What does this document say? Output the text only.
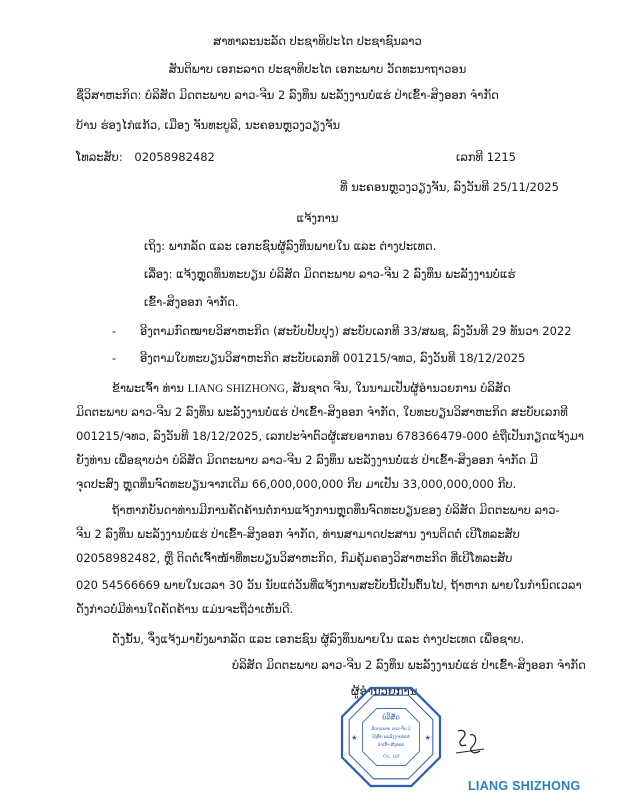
ສາທາລະນະລັດ ປະຊາທິປະໄຕ ປະຊາຊົນລາວ
ສັນຕິພາບ ເອກະລາດ ປະຊາທິປະໄຕ ເອກະພາບ ວັດທະນາຖາວອນ
ຊື່ວິສາຫະກິດ: ບໍລິສັດ ມິດຕະພາບ ລາວ-ຈີນ 2 ລົງທຶນ ພະລັງງານບໍ່ແຮ່ ປ່າເຂົ້າ-ສິງອອກ ຈຳກັດ
ບ້ານ ຮ່ອງໄກ່ແກ້ວ, ເມືອງ ຈັນທະບູລີ, ນະຄອນຫຼວງວຽງຈັນ
ໂທລະສັບ: 02058982482	ເລກທີ 1215
ທີ່ ນະຄອນຫຼວງວຽງຈັນ, ລົງວັນທີ 25/11/2025
ແຈ້ງການ
ເຖິງ: ພາກລັດ ແລະ ເອກະຊົນຜູ້ລົງທຶນພາຍໃນ ແລະ ຕ່າງປະເທດ.
ເລື່ອງ: ແຈ້ງຫຼຸດທຶນທະບຽນ ບໍລິສັດ ມິດຕະພາບ ລາວ-ຈີນ 2 ລົງທຶນ ພະລັງງານບໍ່ແຮ່
ເຂົ້າ-ສິງອອກ ຈຳກັດ.
- ອີງຕາມກົດໝາຍວິສາຫະກິດ (ສະບັບປັບປຸງ) ສະບັບເລກທີ 33/ສພຊ, ລົງວັນທີ 29 ທັນວາ 2022
- ອີງຕາມໃບທະບຽນວິສາຫະກິດ ສະບັບເລກທີ 001215/ຈທວ, ລົງວັນທີ 18/12/2025
ຂ້າພະເຈົ້າ ທ່ານ LIANG SHIZHONG, ສັນຊາດ ຈີນ, ໃນນາມເປັນຜູ້ອຳນວຍການ ບໍລິສັດ
ມິດຕະພາບ ລາວ-ຈີນ 2 ລົງທຶນ ພະລັງງານບໍ່ແຮ່ ປ່າເຂົ້າ-ສິງອອກ ຈຳກັດ, ໃບທະບຽນວິສາຫະກິດ ສະບັບເລກທີ
001215/ຈທວ, ລົງວັນທີ 18/12/2025, ເລກປະຈຳຕົວຜູ້ເສຍອາກອນ 678366479-000 ຂໍຖືເປັນກຽດແຈ້ງມາ
ຍັງທ່ານ ເພື່ອຊາບວ່າ ບໍລິສັດ ມິດຕະພາບ ລາວ-ຈີນ 2 ລົງທຶນ ພະລັງງານບໍ່ແຮ່ ປ່າເຂົ້າ-ສິງອອກ ຈຳກັດ ມີ
ຈຸດປະສົງ ຫຼຸດທຶນຈົດທະບຽນຈາກເດີມ 66,000,000,000 ກີບ ມາເປັນ 33,000,000,000 ກີບ.
ຖ້າຫາກບັນດາທ່ານມີການຄັດຄ້ານຕໍ່ການແຈ້ງການຫຼຸດທຶນຈົດທະບຽນຂອງ ບໍລິສັດ ມິດຕະພາບ ລາວ-
ຈີນ 2 ລົງທຶນ ພະລັງງານບໍ່ແຮ່ ປ່າເຂົ້າ-ສິງອອກ ຈຳກັດ, ທ່ານສາມາດປະສານ ງານຕິດຕໍ່ ເບີໂທລະສັບ
02058982482, ຫຼື ຕິດຕໍ່ເຈົ້າໜ້າທີ່ທະບຽນວິສາຫະກິດ, ກົມຄຸ້ມຄອງວິສາຫະກິດ ທີ່ເບີໂທລະສັບ
020 54566669 ພາຍໃນເວລາ 30 ວັນ ນັບແຕ່ວັນທີ່ແຈ້ງການສະບັບນີ້ເປັນຕົ້ນໄປ, ຖ້າຫາກ ພາຍໃນກຳນົດເວລາ
ດັ່ງກ່າວບໍ່ມີທ່ານໃດຄັດຄ້ານ ແມ່ນຈະຖືວ່າເຫັນດີ.
ດັ່ງນັ້ນ, ຈຶ່ງແຈ້ງມາຍັງພາກລັດ ແລະ ເອກະຊົນ ຜູ້ລົງທຶນພາຍໃນ ແລະ ຕ່າງປະເທດ ເພື່ອຊາບ.
ບໍລິສັດ ມິດຕະພາບ ລາວ-ຈີນ 2 ລົງທຶນ ພະລັງງານບໍ່ແຮ່ ປ່າເຂົ້າ-ສິງອອກ ຈຳກັດ
ຜູ້ອຳນວຍການ
ບໍລິສັດ
ມິດຕະພາບ ລາວ-ຈີນ 2
ລົງທຶນ ພະລັງງານບໍ່ແຮ່
ປ່າເຂົ້າ-ສິງອອກ
Co., Ltd
★	★
LIANG SHIZHONG
